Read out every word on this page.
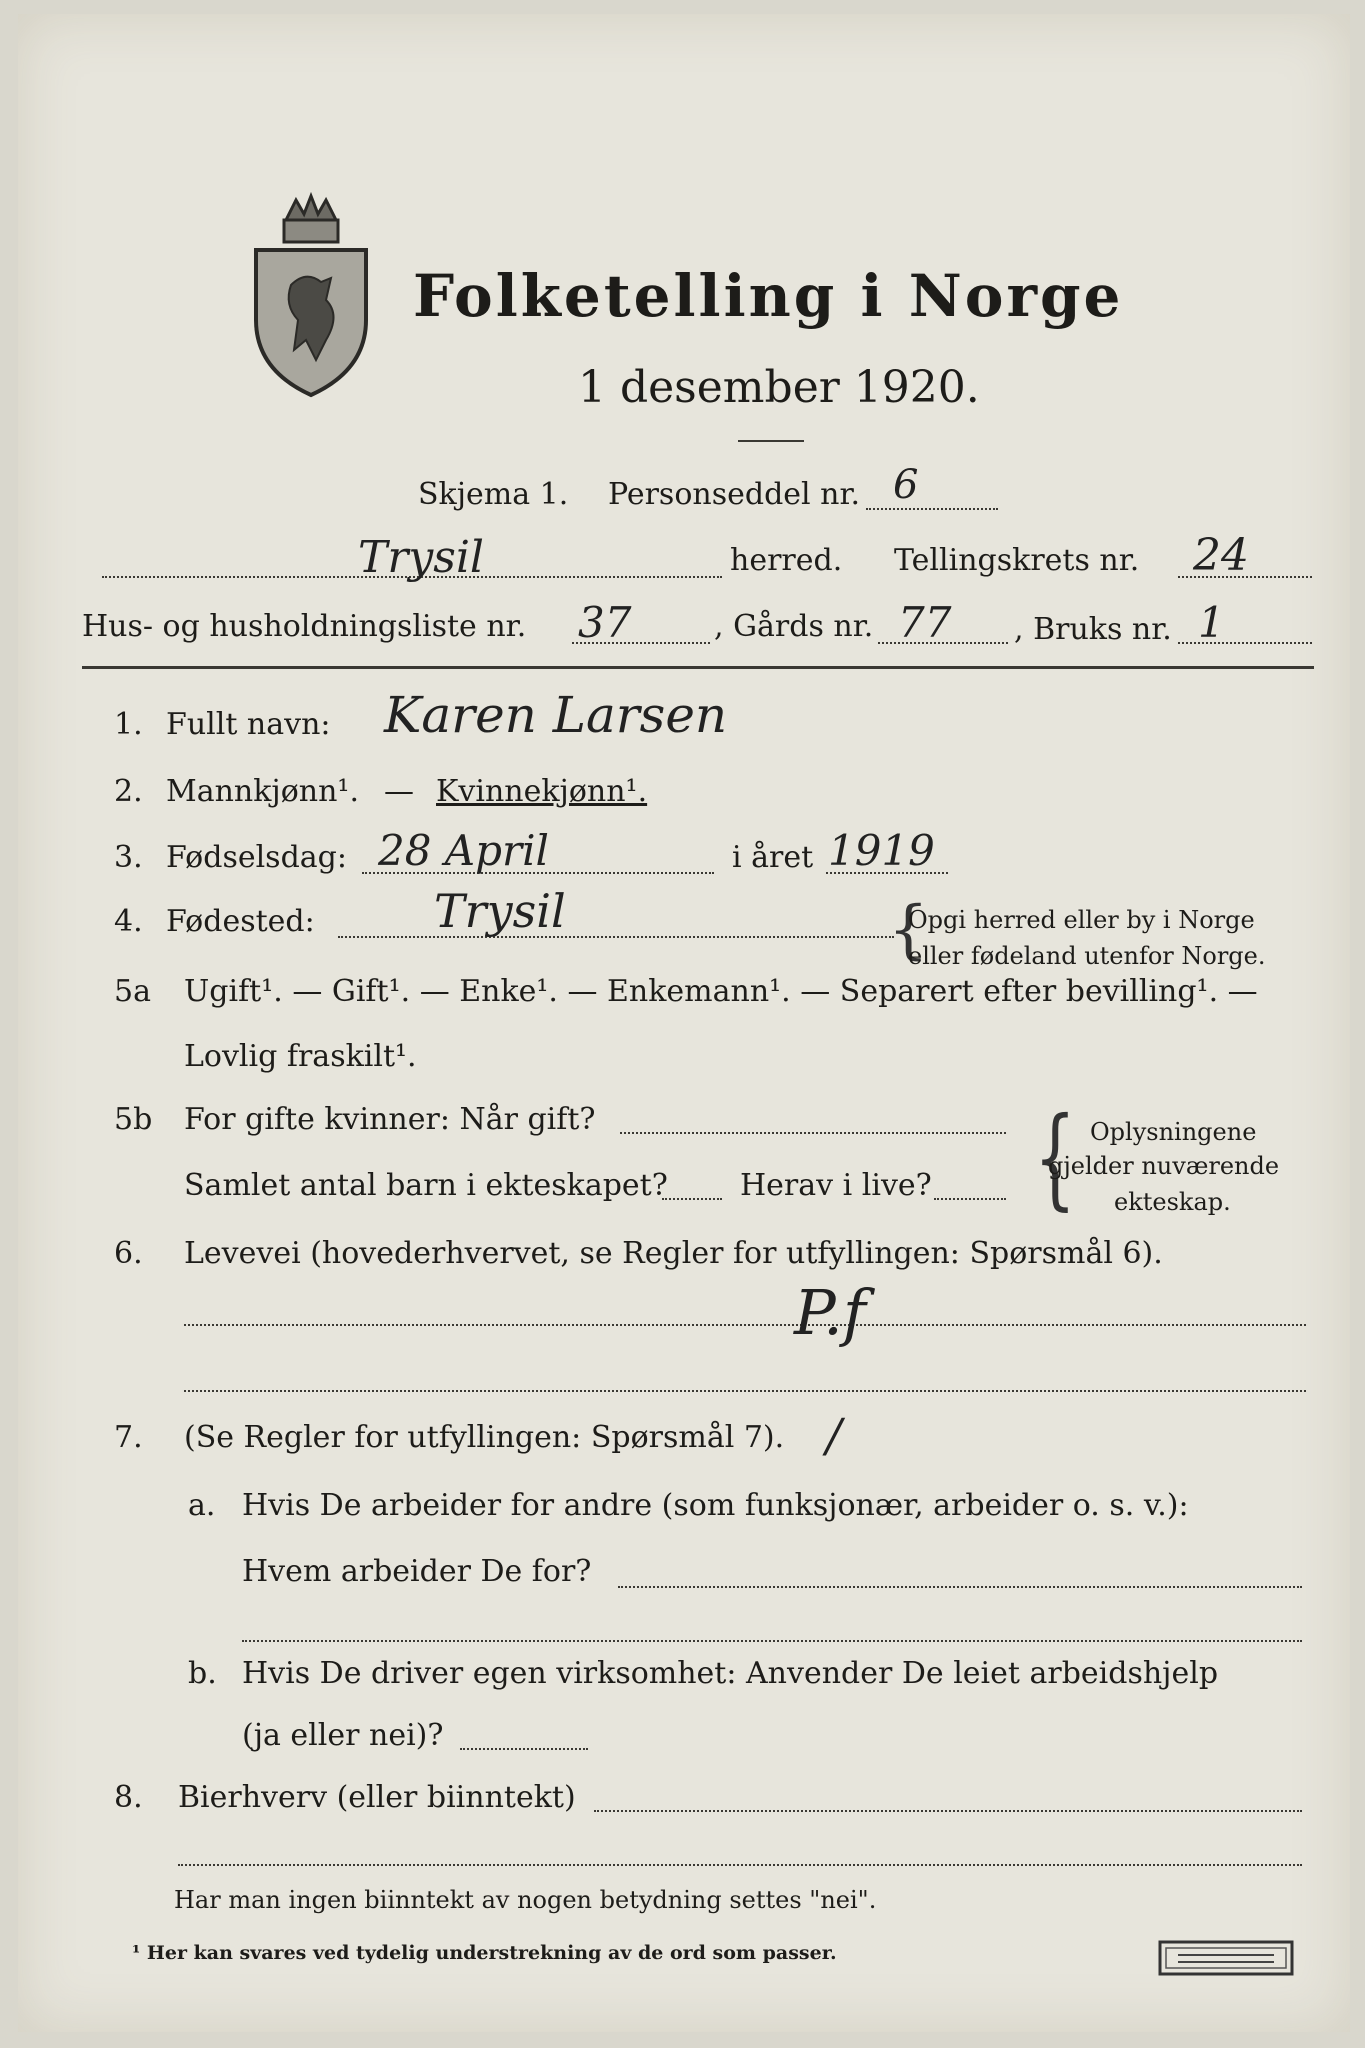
Folketelling i Norge
1 desember 1920.
Skjema 1. Personseddel nr. 6
Trysil	herred. Tellingskrets nr. 24
Hus- og husholdningsliste nr. 37	, Gårds nr. 77 , Bruks nr. 1
1. Fullt navn: Karen Larsen
2. Mannkjønn¹. — Kvinnekjønn¹.
3. Fødselsdag: 28 April	i året 1919
4. Fødested:	Trysil	{
Opgi herred eller by i Norge
eller fødeland utenfor Norge.
5a Ugift¹. — Gift¹. — Enke¹. — Enkemann¹. — Separert efter bevilling¹. —
Lovlig fraskilt¹.
5b For gifte kvinner: Når gift?
Samlet antal barn i ekteskapet? Herav i live? { Oplysningene
gjelder nuværende
ekteskap.
6. Levevei (hovederhvervet, se Regler for utfyllingen: Spørsmål 6).
P.f
7. (Se Regler for utfyllingen: Spørsmål 7). /
a. Hvis De arbeider for andre (som funksjonær, arbeider o. s. v.):
Hvem arbeider De for?
b. Hvis De driver egen virksomhet: Anvender De leiet arbeidshjelp
(ja eller nei)?
8. Bierhverv (eller biinntekt)
Har man ingen biinntekt av nogen betydning settes "nei".
¹ Her kan svares ved tydelig understrekning av de ord som passer.
